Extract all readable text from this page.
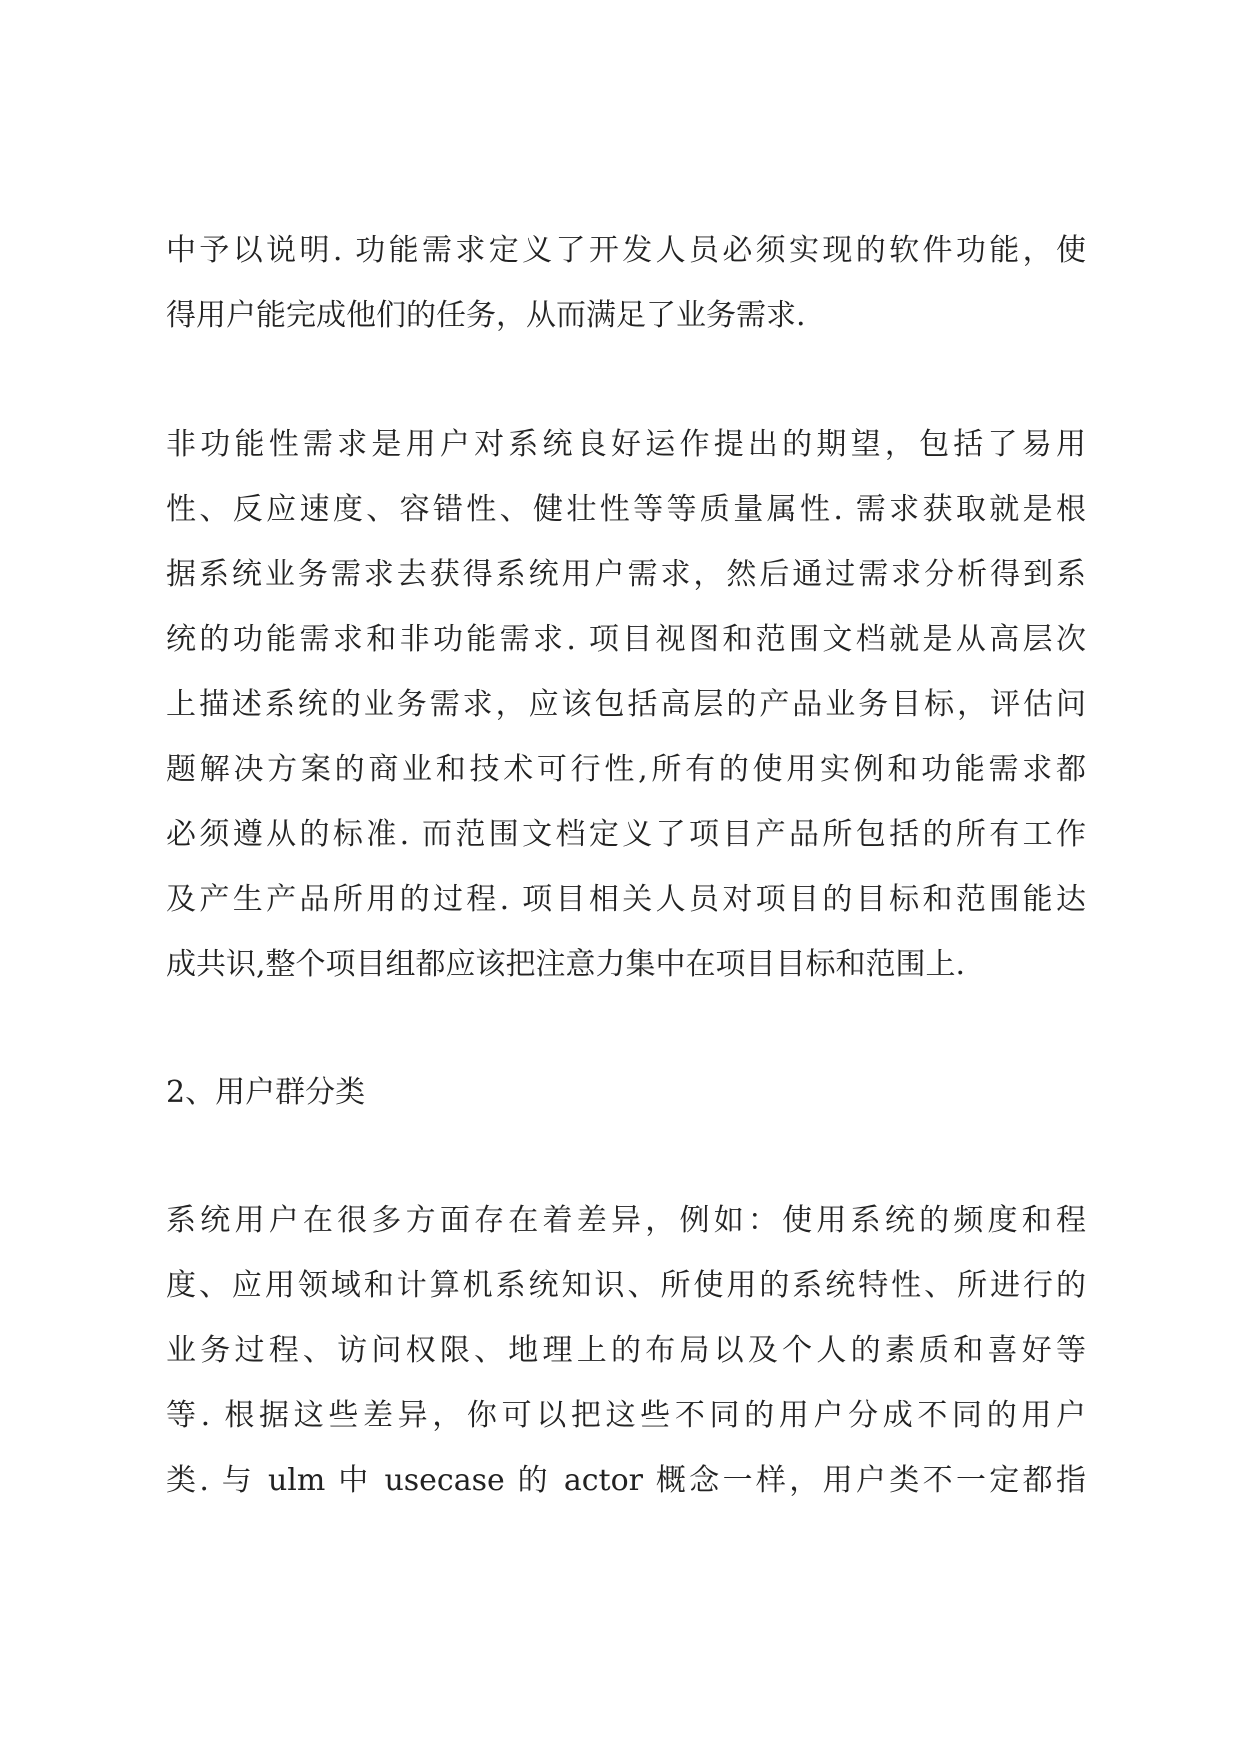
中予以说明. 功能需求定义了开发人员必须实现的软件功能，使
得用户能完成他们的任务，从而满足了业务需求.
非功能性需求是用户对系统良好运作提出的期望，包括了易用
性、反应速度、容错性、健壮性等等质量属性. 需求获取就是根
据系统业务需求去获得系统用户需求，然后通过需求分析得到系
统的功能需求和非功能需求. 项目视图和范围文档就是从高层次
上描述系统的业务需求，应该包括高层的产品业务目标，评估问
题解决方案的商业和技术可行性,所有的使用实例和功能需求都
必须遵从的标准. 而范围文档定义了项目产品所包括的所有工作
及产生产品所用的过程. 项目相关人员对项目的目标和范围能达
成共识,整个项目组都应该把注意力集中在项目目标和范围上.
2、用户群分类
系统用户在很多方面存在着差异，例如：使用系统的频度和程
度、应用领域和计算机系统知识、所使用的系统特性、所进行的
业务过程、访问权限、地理上的布局以及个人的素质和喜好等
等. 根据这些差异，你可以把这些不同的用户分成不同的用户
类. 与 ulm 中 usecase 的 actor 概念一样，用户类不一定都指
